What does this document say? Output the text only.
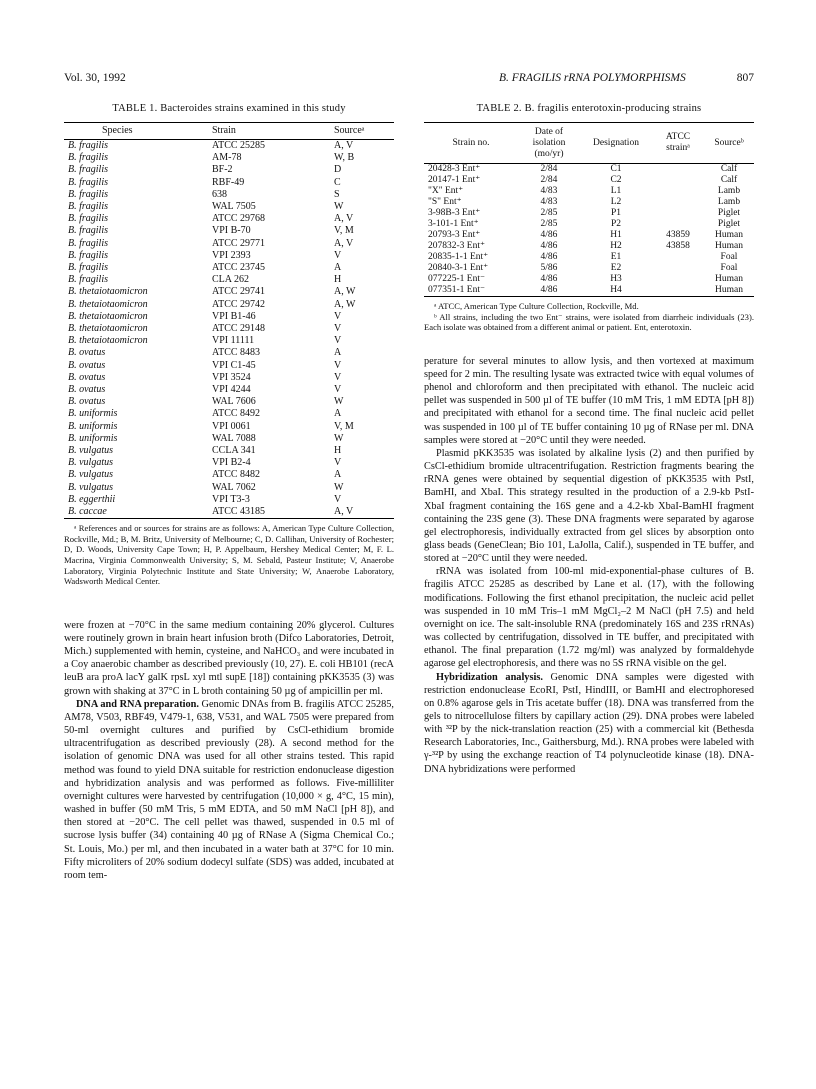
Vol. 30, 1992	B. FRAGILIS rRNA POLYMORPHISMS	807
TABLE 1. Bacteroides strains examined in this study
Species	Strain	Sourceᵃ
B. fragilis	ATCC 25285	A, V
B. fragilis	AM-78	W, B
B. fragilis	BF-2	D
B. fragilis	RBF-49	C
B. fragilis	638	S
B. fragilis	WAL 7505	W
B. fragilis	ATCC 29768	A, V
B. fragilis	VPI B-70	V, M
B. fragilis	ATCC 29771	A, V
B. fragilis	VPI 2393	V
B. fragilis	ATCC 23745	A
B. fragilis	CLA 262	H
B. thetaiotaomicron	ATCC 29741	A, W
B. thetaiotaomicron	ATCC 29742	A, W
B. thetaiotaomicron	VPI B1-46	V
B. thetaiotaomicron	ATCC 29148	V
B. thetaiotaomicron	VPI 11111	V
B. ovatus	ATCC 8483	A
B. ovatus	VPI C1-45	V
B. ovatus	VPI 3524	V
B. ovatus	VPI 4244	V
B. ovatus	WAL 7606	W
B. uniformis	ATCC 8492	A
B. uniformis	VPI 0061	V, M
B. uniformis	WAL 7088	W
B. vulgatus	CCLA 341	H
B. vulgatus	VPI B2-4	V
B. vulgatus	ATCC 8482	A
B. vulgatus	WAL 7062	W
B. eggerthii	VPI T3-3	V
B. caccae	ATCC 43185	A, V
ᵃ References and or sources for strains are as follows: A, American Type Culture Collection, Rockville, Md.; B, M. Britz, University of Melbourne; C, D. Callihan, University of Rochester; D, D. Woods, University Cape Town; H, P. Appelbaum, Hershey Medical Center; M, F. L. Macrina, Virginia Commonwealth University; S, M. Sebald, Pasteur Institute; V, Anaerobe Laboratory, Virginia Polytechnic Institute and State University; W, Anaerobe Laboratory, Wadsworth Medical Center.

were frozen at −70°C in the same medium containing 20% glycerol. Cultures were routinely grown in brain heart infusion broth (Difco Laboratories, Detroit, Mich.) supplemented with hemin, cysteine, and NaHCO₃ and were incubated in a Coy anaerobic chamber as described previously (10, 27). E. coli HB101 (recA leuB ara proA lacY galK rpsL xyl mtl supE [18]) containing pKK3535 (3) was grown with shaking at 37°C in L broth containing 50 µg of ampicillin per ml.

DNA and RNA preparation. Genomic DNAs from B. fragilis ATCC 25285, AM78, V503, RBF49, V479-1, 638, V531, and WAL 7505 were prepared from 50-ml overnight cultures and purified by CsCl-ethidium bromide ultracentrifugation as described previously (28). A second method for the isolation of genomic DNA was used for all other strains tested. This rapid method was found to yield DNA suitable for restriction endonuclease digestion and hybridization analysis and was performed as follows. Five-milliliter overnight cultures were harvested by centrifugation (10,000 × g, 4°C, 15 min), washed in buffer (50 mM Tris, 5 mM EDTA, and 50 mM NaCl [pH 8]), and then stored at −20°C. The cell pellet was thawed, suspended in 0.5 ml of sucrose lysis buffer (34) containing 40 µg of RNase A (Sigma Chemical Co.; St. Louis, Mo.) per ml, and then incubated in a water bath at 37°C for 10 min. Fifty microliters of 20% sodium dodecyl sulfate (SDS) was added, incubated at room tem-

TABLE 2. B. fragilis enterotoxin-producing strains
Strain no.	Date of isolation (mo/yr)	Designation	ATCC strainᵃ	Sourceᵇ
20428-3 Ent⁺	2/84	C1		Calf
20147-1 Ent⁺	2/84	C2		Calf
"X" Ent⁺	4/83	L1		Lamb
"S" Ent⁺	4/83	L2		Lamb
3-98B-3 Ent⁺	2/85	P1		Piglet
3-101-1 Ent⁺	2/85	P2		Piglet
20793-3 Ent⁺	4/86	H1	43859	Human
207832-3 Ent⁺	4/86	H2	43858	Human
20835-1-1 Ent⁺	4/86	E1		Foal
20840-3-1 Ent⁺	5/86	E2		Foal
077225-1 Ent⁻	4/86	H3		Human
077351-1 Ent⁻	4/86	H4		Human

ᵃ ATCC, American Type Culture Collection, Rockville, Md.

ᵇ All strains, including the two Ent⁻ strains, were isolated from diarrheic individuals (23). Each isolate was obtained from a different animal or patient. Ent, enterotoxin.

perature for several minutes to allow lysis, and then vortexed at maximum speed for 2 min. The resulting lysate was extracted twice with equal volumes of phenol and chloroform and then precipitated with ethanol. The nucleic acid pellet was suspended in 500 µl of TE buffer (10 mM Tris, 1 mM EDTA [pH 8]) and precipitated with ethanol for a second time. The final nucleic acid pellet was suspended in 100 µl of TE buffer containing 10 µg of RNase per ml. DNA samples were stored at −20°C until they were needed.

Plasmid pKK3535 was isolated by alkaline lysis (2) and then purified by CsCl-ethidium bromide ultracentrifugation. Restriction fragments bearing the rRNA genes were obtained by sequential digestion of pKK3535 with PstI, BamHI, and XbaI. This strategy resulted in the production of a 2.9-kb PstI-XbaI fragment containing the 16S gene and a 4.2-kb XbaI-BamHI fragment containing the 23S gene (3). These DNA fragments were separated by agarose gel electrophoresis, individually extracted from gel slices by absorption onto glass beads (GeneClean; Bio 101, LaJolla, Calif.), suspended in TE buffer, and stored at −20°C until they were needed.

rRNA was isolated from 100-ml mid-exponential-phase cultures of B. fragilis ATCC 25285 as described by Lane et al. (17), with the following modifications. Following the first ethanol precipitation, the nucleic acid pellet was suspended in 10 mM Tris–1 mM MgCl₂–2 M NaCl (pH 7.5) and held overnight on ice. The salt-insoluble RNA (predominately 16S and 23S rRNAs) was collected by centrifugation, dissolved in TE buffer, and precipitated with ethanol. The final preparation (1.72 mg/ml) was analyzed by formaldehyde agarose gel electrophoresis, and there was no 5S rRNA visible on the gel.

Hybridization analysis. Genomic DNA samples were digested with restriction endonuclease EcoRI, PstI, HindIII, or BamHI and electrophoresed on 0.8% agarose gels in Tris acetate buffer (18). DNA was transferred from the gels to nitrocellulose filters by capillary action (29). DNA probes were labeled with ³²P by the nick-translation reaction (25) with a commercial kit (Bethesda Research Laboratories, Inc., Gaithersburg, Md.). RNA probes were labeled with γ-³²P by using the exchange reaction of T4 polynucleotide kinase (18). DNA-DNA hybridizations were performed
